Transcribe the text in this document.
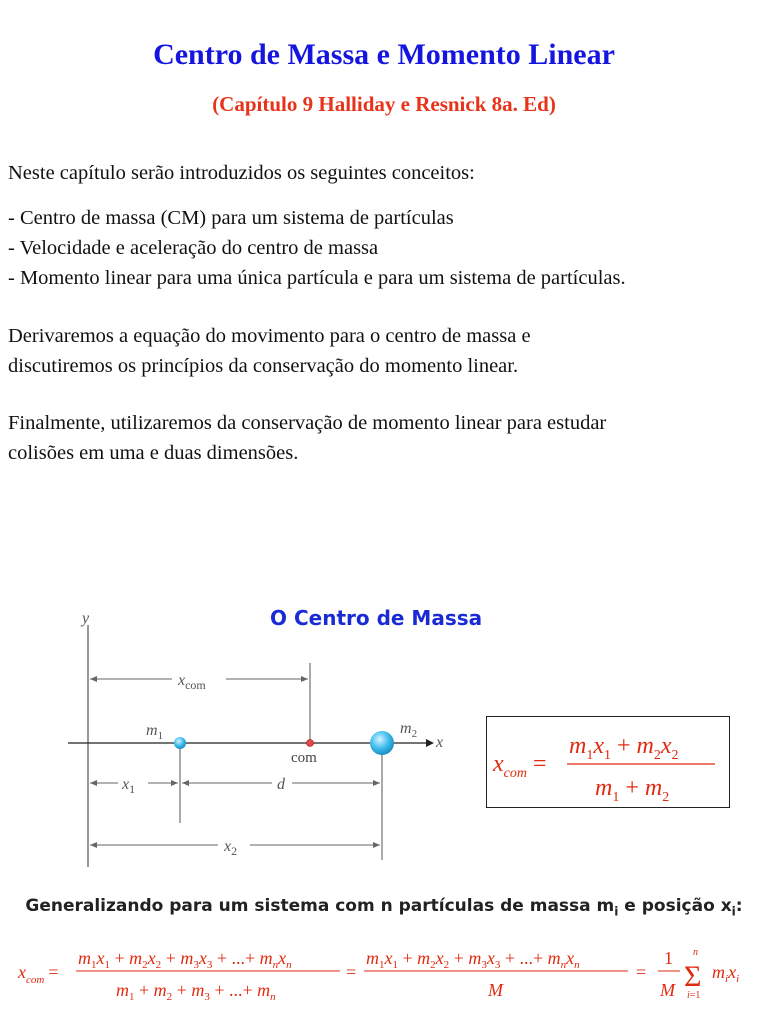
Centro de Massa e Momento Linear
(Capítulo 9 Halliday e Resnick 8a. Ed)

Neste capítulo serão introduzidos os seguintes conceitos:

- Centro de massa (CM) para um sistema de partículas
- Velocidade e aceleração do centro de massa
- Momento linear para uma única partícula e para um sistema de partículas.

Derivaremos a equação do movimento para o centro de massa e
discutiremos os princípios da conservação do momento linear.

Finalmente, utilizaremos da conservação de momento linear para estudar
colisões em uma e duas dimensões.

y
x
$x_{com}$
$x_1$	d
$x_2$
$m_1$	$m_2$
com
O Centro de Massa
$x_{com}$ =
$m_1x_1 + m_2x_2$
$m_1 + m_2$
Generalizando para um sistema com n partículas de massa $m_i$ e posição $x_i$:
$x_{com}$ =
$m_1x_1 + m_2x_2 + m_3x_3$ + ...+ $m_nx_n$
$m_1 + m_2 + m_3$ + ...+ $m_n$
=
$m_1x_1 + m_2x_2 + m_3x_3$ + ...+ $m_nx_n$
M
=
1
M
n
Σ
i=1
$m_ix_i$
